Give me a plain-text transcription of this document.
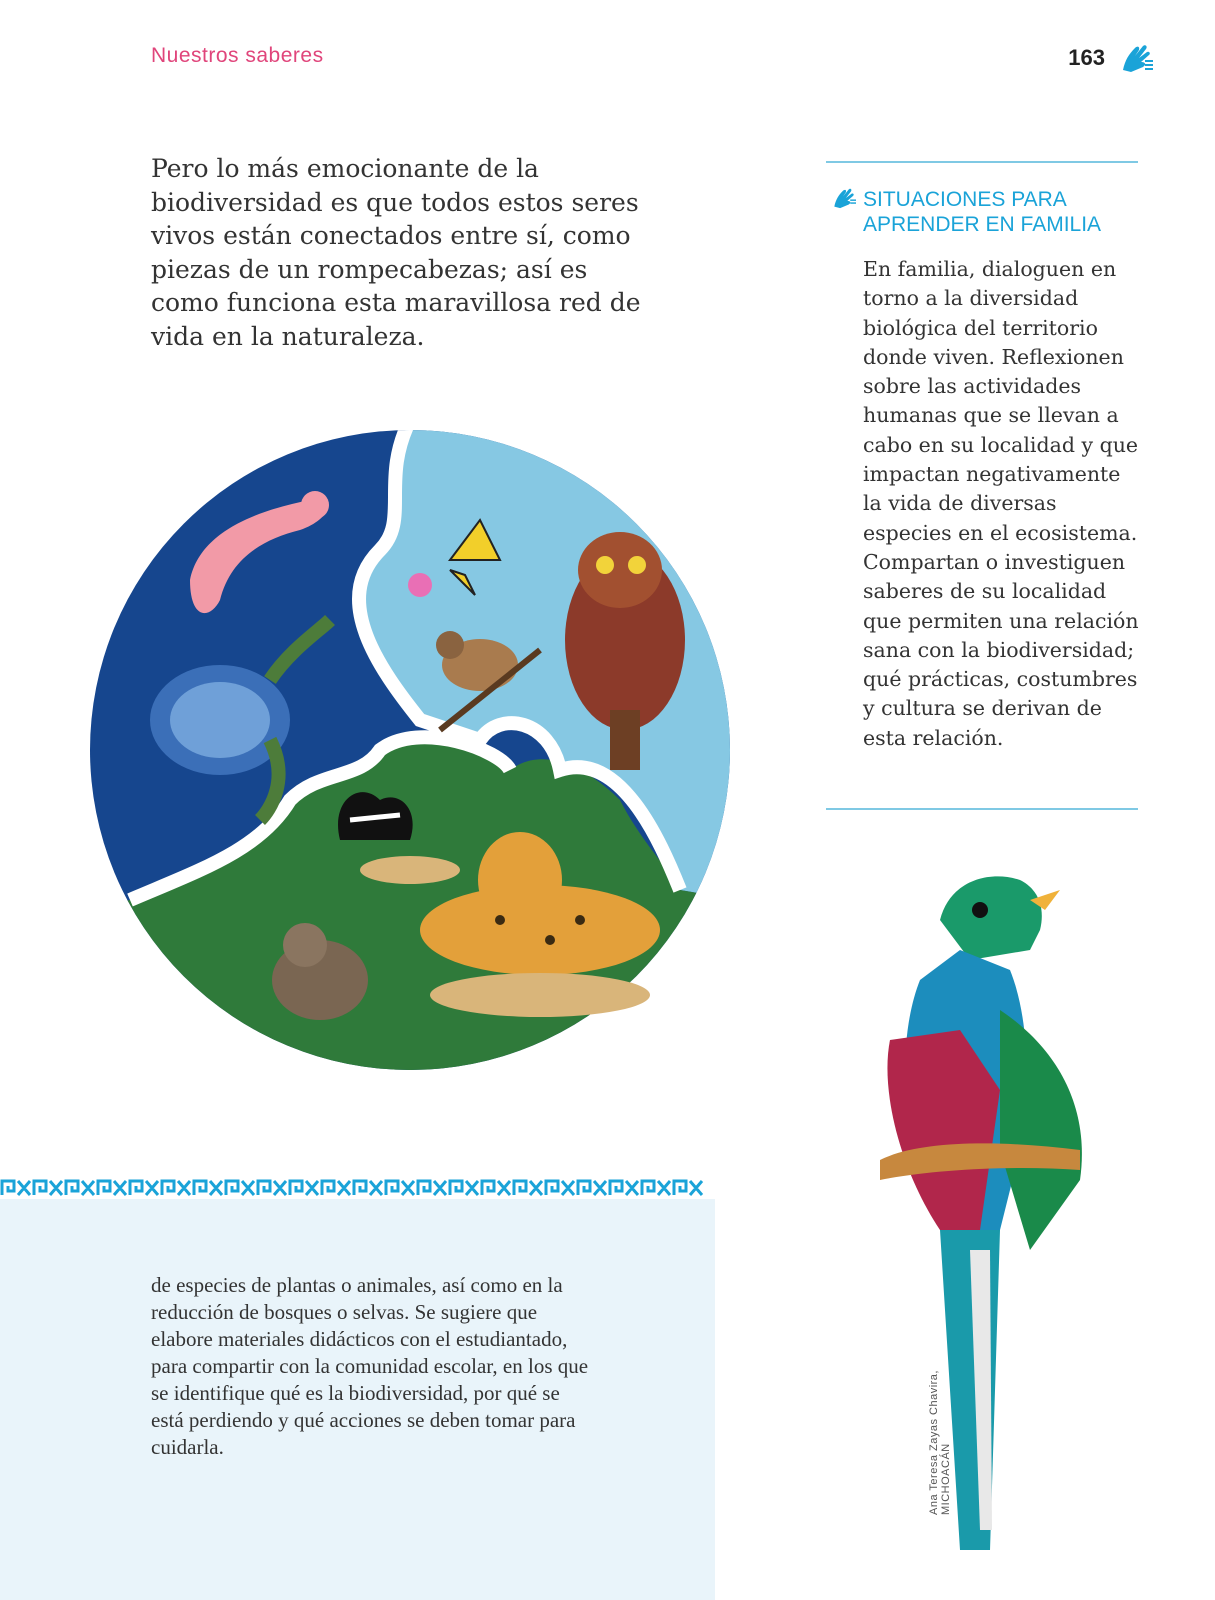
Nuestros saberes	163

Pero lo más emocionante de la biodiversidad es que todos estos seres vivos están conectados entre sí, como piezas de un rompecabezas; así es como funciona esta maravillosa red de vida en la naturaleza.

SITUACIONES PARA
APRENDER EN FAMILIA

En familia, dialoguen en torno a la diversidad biológica del territorio donde viven. Reflexionen sobre las actividades humanas que se llevan a cabo en su localidad y que impactan negativamente la vida de diversas especies en el ecosistema. Compartan o investiguen saberes de su localidad que permiten una relación sana con la biodiversidad; qué prácticas, costumbres y cultura se derivan de esta relación.

de especies de plantas o animales, así como en la reducción de bosques o selvas. Se sugiere que elabore materiales didácticos con el estudiantado, para compartir con la comunidad escolar, en los que se identifique qué es la biodiversidad, por qué se está perdiendo y qué acciones se deben tomar para cuidarla.	Ana Teresa Zayas Chavira, MICHOACÁN
